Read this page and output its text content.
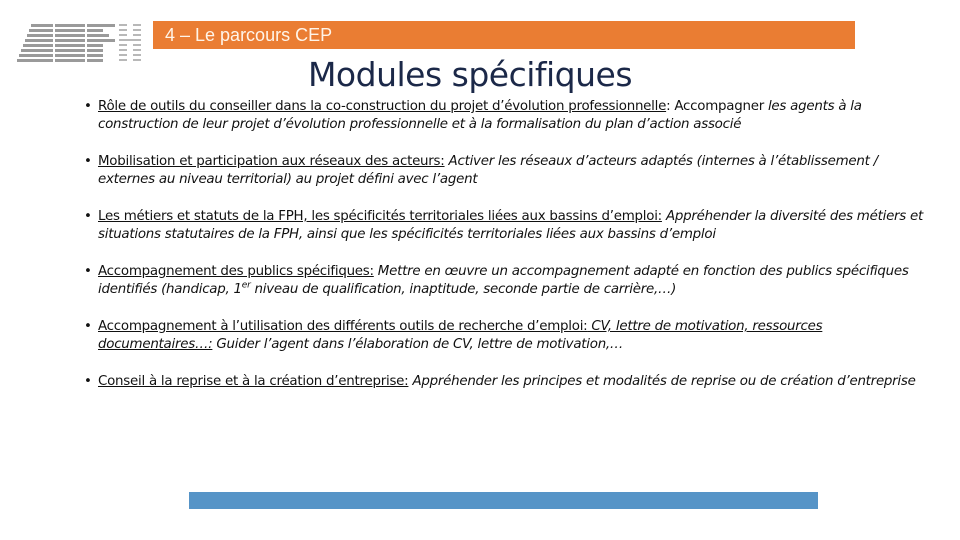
4 – Le parcours CEP
Modules spécifiques
• Rôle de outils du conseiller dans la co-construction du projet d’évolution professionnelle: Accompagner les agents à la construction de leur projet d’évolution professionnelle et à la formalisation du plan d’action associé
• Mobilisation et participation aux réseaux des acteurs: Activer les réseaux d’acteurs adaptés (internes à l’établissement / externes au niveau territorial) au projet défini avec l’agent
• Les métiers et statuts de la FPH, les spécificités territoriales liées aux bassins d’emploi: Appréhender la diversité des métiers et situations statutaires de la FPH, ainsi que les spécificités territoriales liées aux bassins d’emploi
• Accompagnement des publics spécifiques: Mettre en œuvre un accompagnement adapté en fonction des publics spécifiques identifiés (handicap, 1er niveau de qualification, inaptitude, seconde partie de carrière,…)
• Accompagnement à l’utilisation des différents outils de recherche d’emploi: CV, lettre de motivation, ressources documentaires…: Guider l’agent dans l’élaboration de CV, lettre de motivation,…
• Conseil à la reprise et à la création d’entreprise: Appréhender les principes et modalités de reprise ou de création d’entreprise
